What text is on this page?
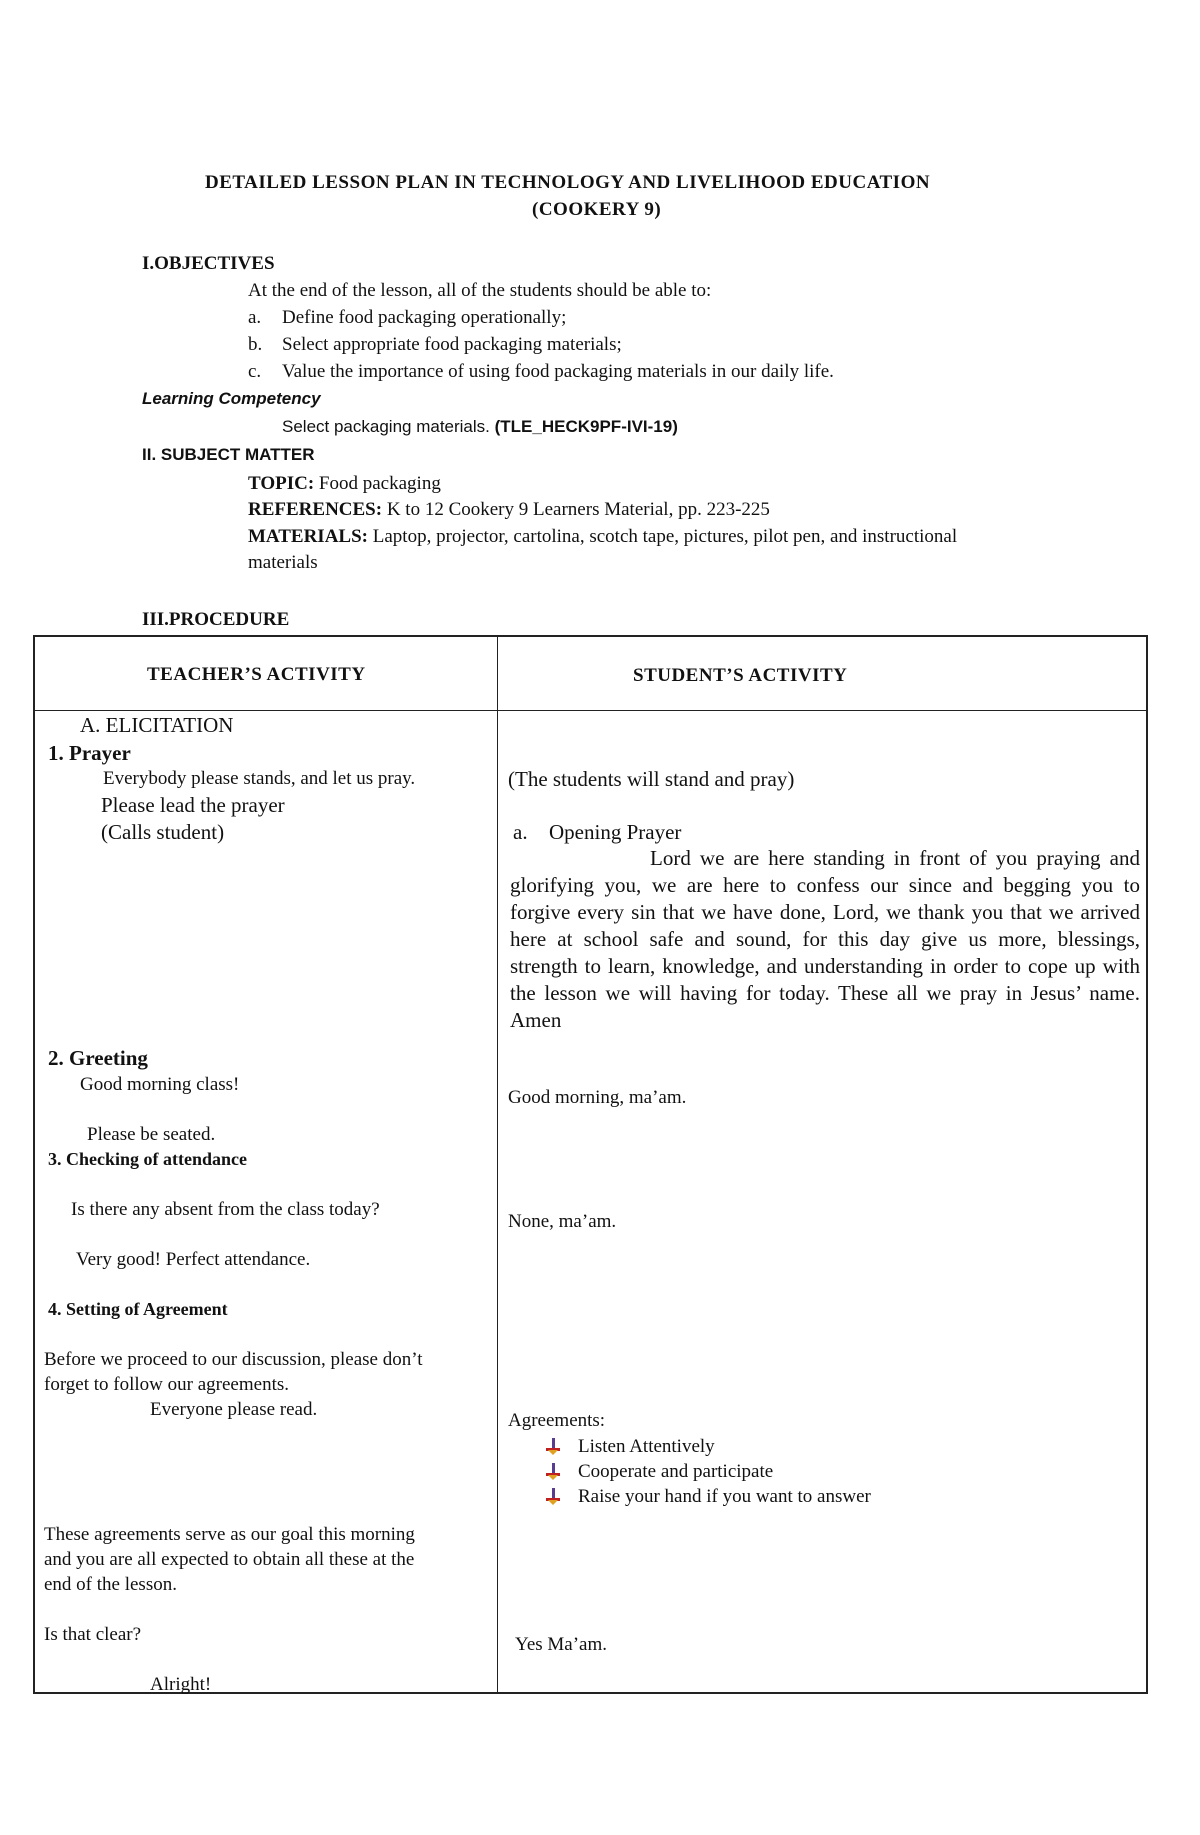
DETAILED LESSON PLAN IN TECHNOLOGY AND LIVELIHOOD EDUCATION
(COOKERY 9)
I.OBJECTIVES
At the end of the lesson, all of the students should be able to:
a. Define food packaging operationally;
b. Select appropriate food packaging materials;
c. Value the importance of using food packaging materials in our daily life.
Learning Competency
Select packaging materials. (TLE_HECK9PF-IVI-19)
II. SUBJECT MATTER
TOPIC: Food packaging
REFERENCES: K to 12 Cookery 9 Learners Material, pp. 223-225
MATERIALS: Laptop, projector, cartolina, scotch tape, pictures, pilot pen, and instructional
materials
III.PROCEDURE
TEACHER’S ACTIVITY	STUDENT’S ACTIVITY
A. ELICITATION
1. Prayer
Everybody please stands, and let us pray.
Please lead the prayer
(Calls student)
(The students will stand and pray)
a. Opening Prayer
Lord we are here standing in front of you praying and glorifying you, we are here to confess our since and begging you to forgive every sin that we have done, Lord, we thank you that we arrived here at school safe and sound, for this day give us more, blessings, strength to learn, knowledge, and understanding in order to cope up with the lesson we will having for today. These all we pray in Jesus’ name. Amen
2. Greeting
Good morning class!
Please be seated.
Good morning, ma’am.
3. Checking of attendance
Is there any absent from the class today?
Very good! Perfect attendance.
None, ma’am.
4. Setting of Agreement
Before we proceed to our discussion, please don’t
forget to follow our agreements.
Everyone please read.
Agreements:
Listen Attentively
Cooperate and participate
Raise your hand if you want to answer
These agreements serve as our goal this morning
and you are all expected to obtain all these at the
end of the lesson.
Is that clear?	Yes Ma’am.
Alright!
